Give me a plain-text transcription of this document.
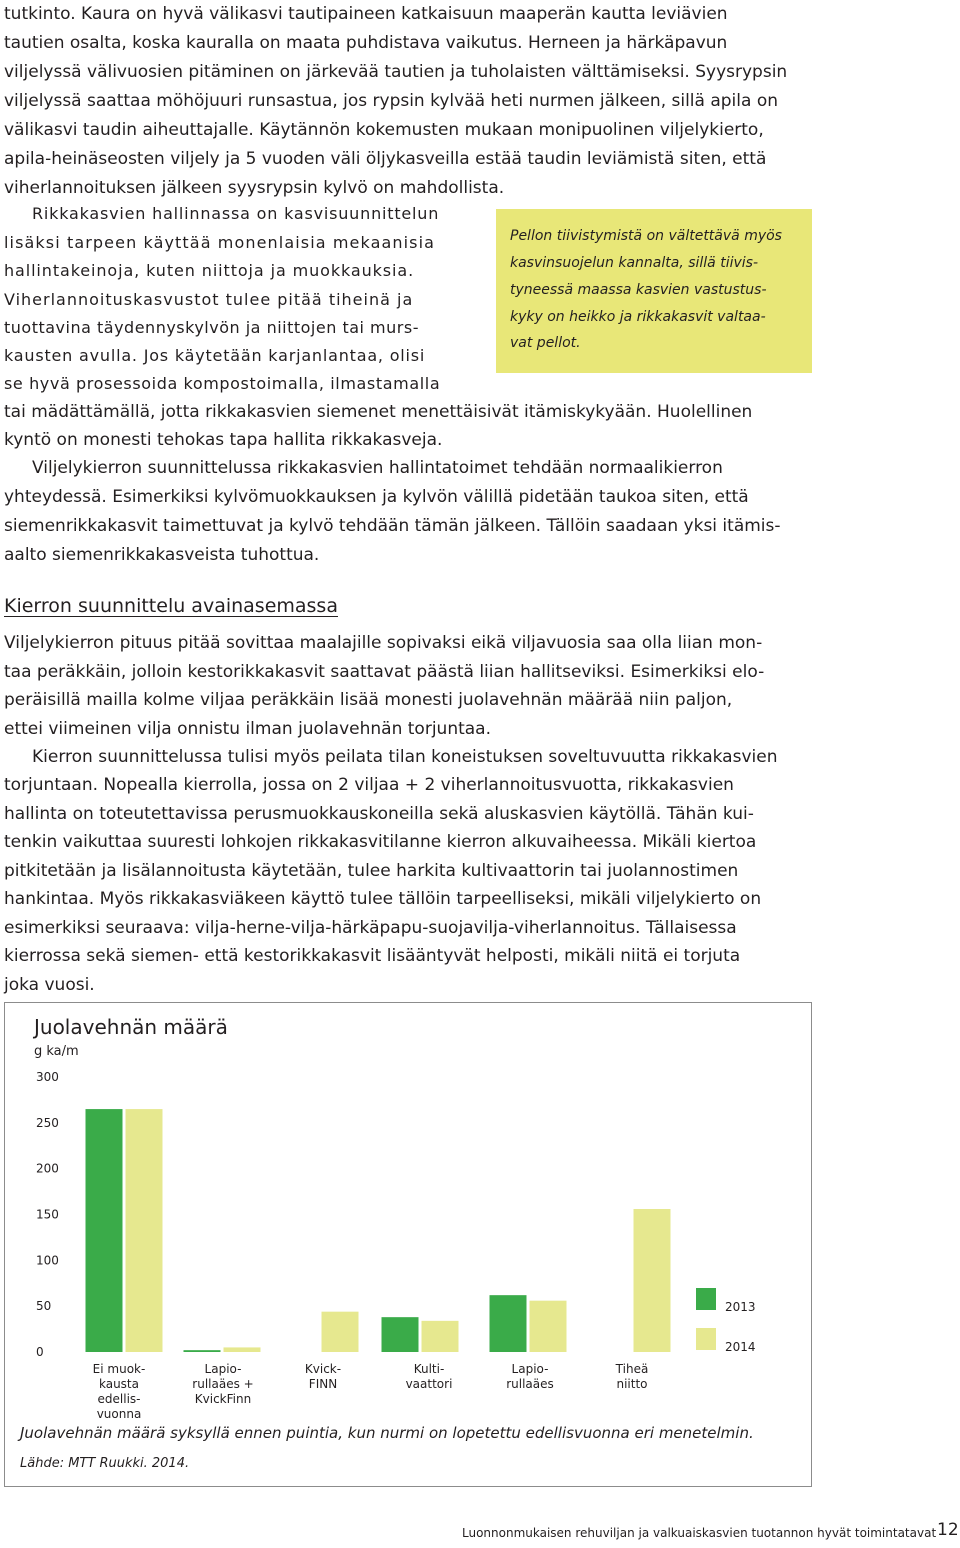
tutkinto. Kaura on hyvä välikasvi tautipaineen katkaisuun maaperän kautta leviävien
tautien osalta, koska kauralla on maata puhdistava vaikutus. Herneen ja härkäpavun
viljelyssä välivuosien pitäminen on järkevää tautien ja tuholaisten välttämiseksi. Syysrypsin
viljelyssä saattaa möhöjuuri runsastua, jos rypsin kylvää heti nurmen jälkeen, sillä apila on
välikasvi taudin aiheuttajalle. Käytännön kokemusten mukaan monipuolinen viljelykierto,
apila-heinäseosten viljely ja 5 vuoden väli öljykasveilla estää taudin leviämistä siten, että
viherlannoituksen jälkeen syysrypsin kylvö on mahdollista.
Rikkakasvien hallinnassa on kasvisuunnittelun
lisäksi tarpeen käyttää monenlaisia mekaanisia
hallintakeinoja, kuten niittoja ja muokkauksia.
Viherlannoituskasvustot tulee pitää tiheinä ja
tuottavina täydennyskylvön ja niittojen tai murs-
kausten avulla. Jos käytetään karjanlantaa, olisi
se hyvä prosessoida kompostoimalla, ilmastamalla
Pellon tiivistymistä on vältettävä myös
kasvinsuojelun kannalta, sillä tiivis-
tyneessä maassa kasvien vastustus-
kyky on heikko ja rikkakasvit valtaa-
vat pellot.
tai mädättämällä, jotta rikkakasvien siemenet menettäisivät itämiskykyään. Huolellinen
kyntö on monesti tehokas tapa hallita rikkakasveja.
Viljelykierron suunnittelussa rikkakasvien hallintatoimet tehdään normaalikierron
yhteydessä. Esimerkiksi kylvömuokkauksen ja kylvön välillä pidetään taukoa siten, että
siemenrikkakasvit taimettuvat ja kylvö tehdään tämän jälkeen. Tällöin saadaan yksi itämis-
aalto siemenrikkakasveista tuhottua.
Kierron suunnittelu avainasemassa
Viljelykierron pituus pitää sovittaa maalajille sopivaksi eikä viljavuosia saa olla liian mon-
taa peräkkäin, jolloin kestorikkakasvit saattavat päästä liian hallitseviksi. Esimerkiksi elo-
peräisillä mailla kolme viljaa peräkkäin lisää monesti juolavehnän määrää niin paljon,
ettei viimeinen vilja onnistu ilman juolavehnän torjuntaa.
Kierron suunnittelussa tulisi myös peilata tilan koneistuksen soveltuvuutta rikkakasvien
torjuntaan. Nopealla kierrolla, jossa on 2 viljaa + 2 viherlannoitusvuotta, rikkakasvien
hallinta on toteutettavissa perusmuokkauskoneilla sekä aluskasvien käytöllä. Tähän kui-
tenkin vaikuttaa suuresti lohkojen rikkakasvitilanne kierron alkuvaiheessa. Mikäli kiertoa
pitkitetään ja lisälannoitusta käytetään, tulee harkita kultivaattorin tai juolannostimen
hankintaa. Myös rikkakasviäkeen käyttö tulee tällöin tarpeelliseksi, mikäli viljelykierto on
esimerkiksi seuraava: vilja-herne-vilja-härkäpapu-suojavilja-viherlannoitus. Tällaisessa
kierrossa sekä siemen- että kestorikkakasvit lisääntyvät helposti, mikäli niitä ei torjuta
joka vuosi.
Juolavehnän määrä
g ka/m
0
50
100
150
200
250
300
Ei muok-kausta edellis-vuonna
Lapio-rullaäes + KvickFinn
Kvick-FINN
Kulti-vaattori
Lapio-rullaäes
Tiheä niitto
2013
2014
Juolavehnän määrä syksyllä ennen puintia, kun nurmi on lopetettu edellisvuonna eri menetelmin.
Lähde: MTT Ruukki. 2014.
Luonnonmukaisen rehuviljan ja valkuaiskasvien tuotannon hyvät toimintatavat 12
